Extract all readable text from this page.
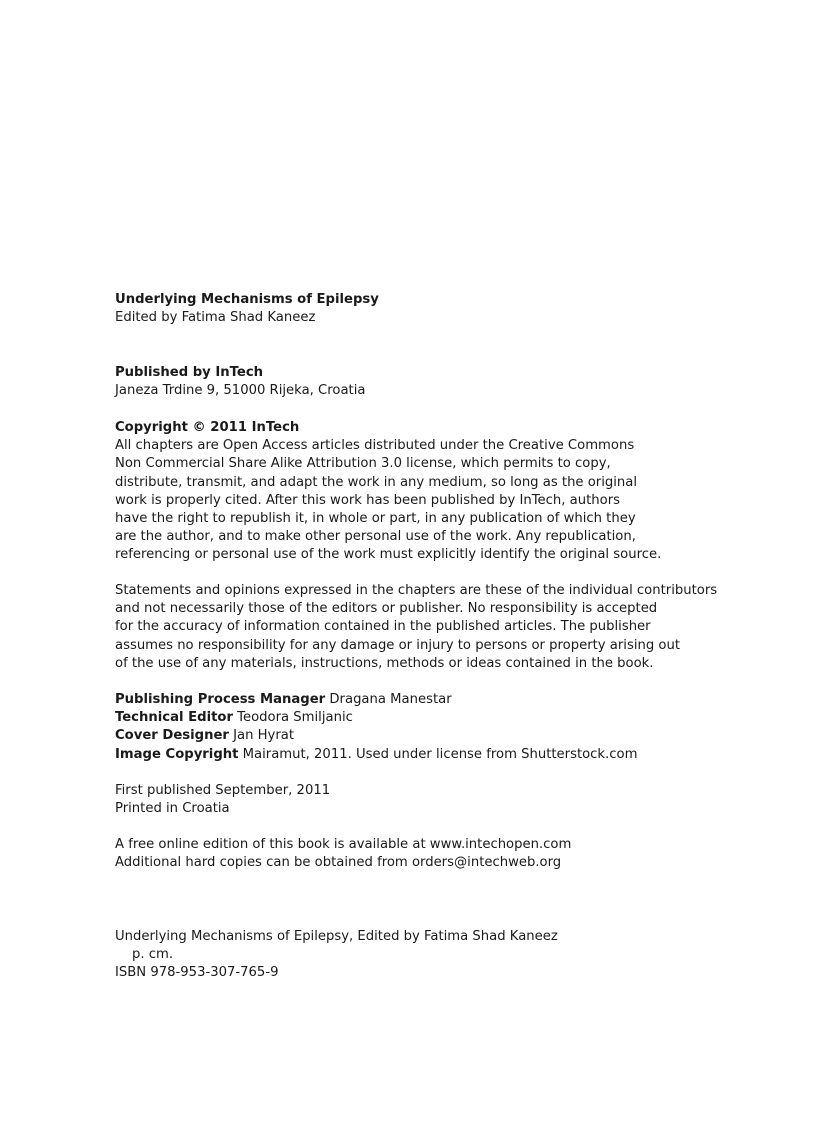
Underlying Mechanisms of Epilepsy
Edited by Fatima Shad Kaneez
Published by InTech
Janeza Trdine 9, 51000 Rijeka, Croatia
Copyright © 2011 InTech
All chapters are Open Access articles distributed under the Creative Commons
Non Commercial Share Alike Attribution 3.0 license, which permits to copy,
distribute, transmit, and adapt the work in any medium, so long as the original
work is properly cited. After this work has been published by InTech, authors
have the right to republish it, in whole or part, in any publication of which they
are the author, and to make other personal use of the work. Any republication,
referencing or personal use of the work must explicitly identify the original source.
Statements and opinions expressed in the chapters are these of the individual contributors
and not necessarily those of the editors or publisher. No responsibility is accepted
for the accuracy of information contained in the published articles. The publisher
assumes no responsibility for any damage or injury to persons or property arising out
of the use of any materials, instructions, methods or ideas contained in the book.
Publishing Process Manager Dragana Manestar
Technical Editor Teodora Smiljanic
Cover Designer Jan Hyrat
Image Copyright Mairamut, 2011. Used under license from Shutterstock.com
First published September, 2011
Printed in Croatia
A free online edition of this book is available at www.intechopen.com
Additional hard copies can be obtained from orders@intechweb.org
Underlying Mechanisms of Epilepsy, Edited by Fatima Shad Kaneez
p. cm.
ISBN 978-953-307-765-9
